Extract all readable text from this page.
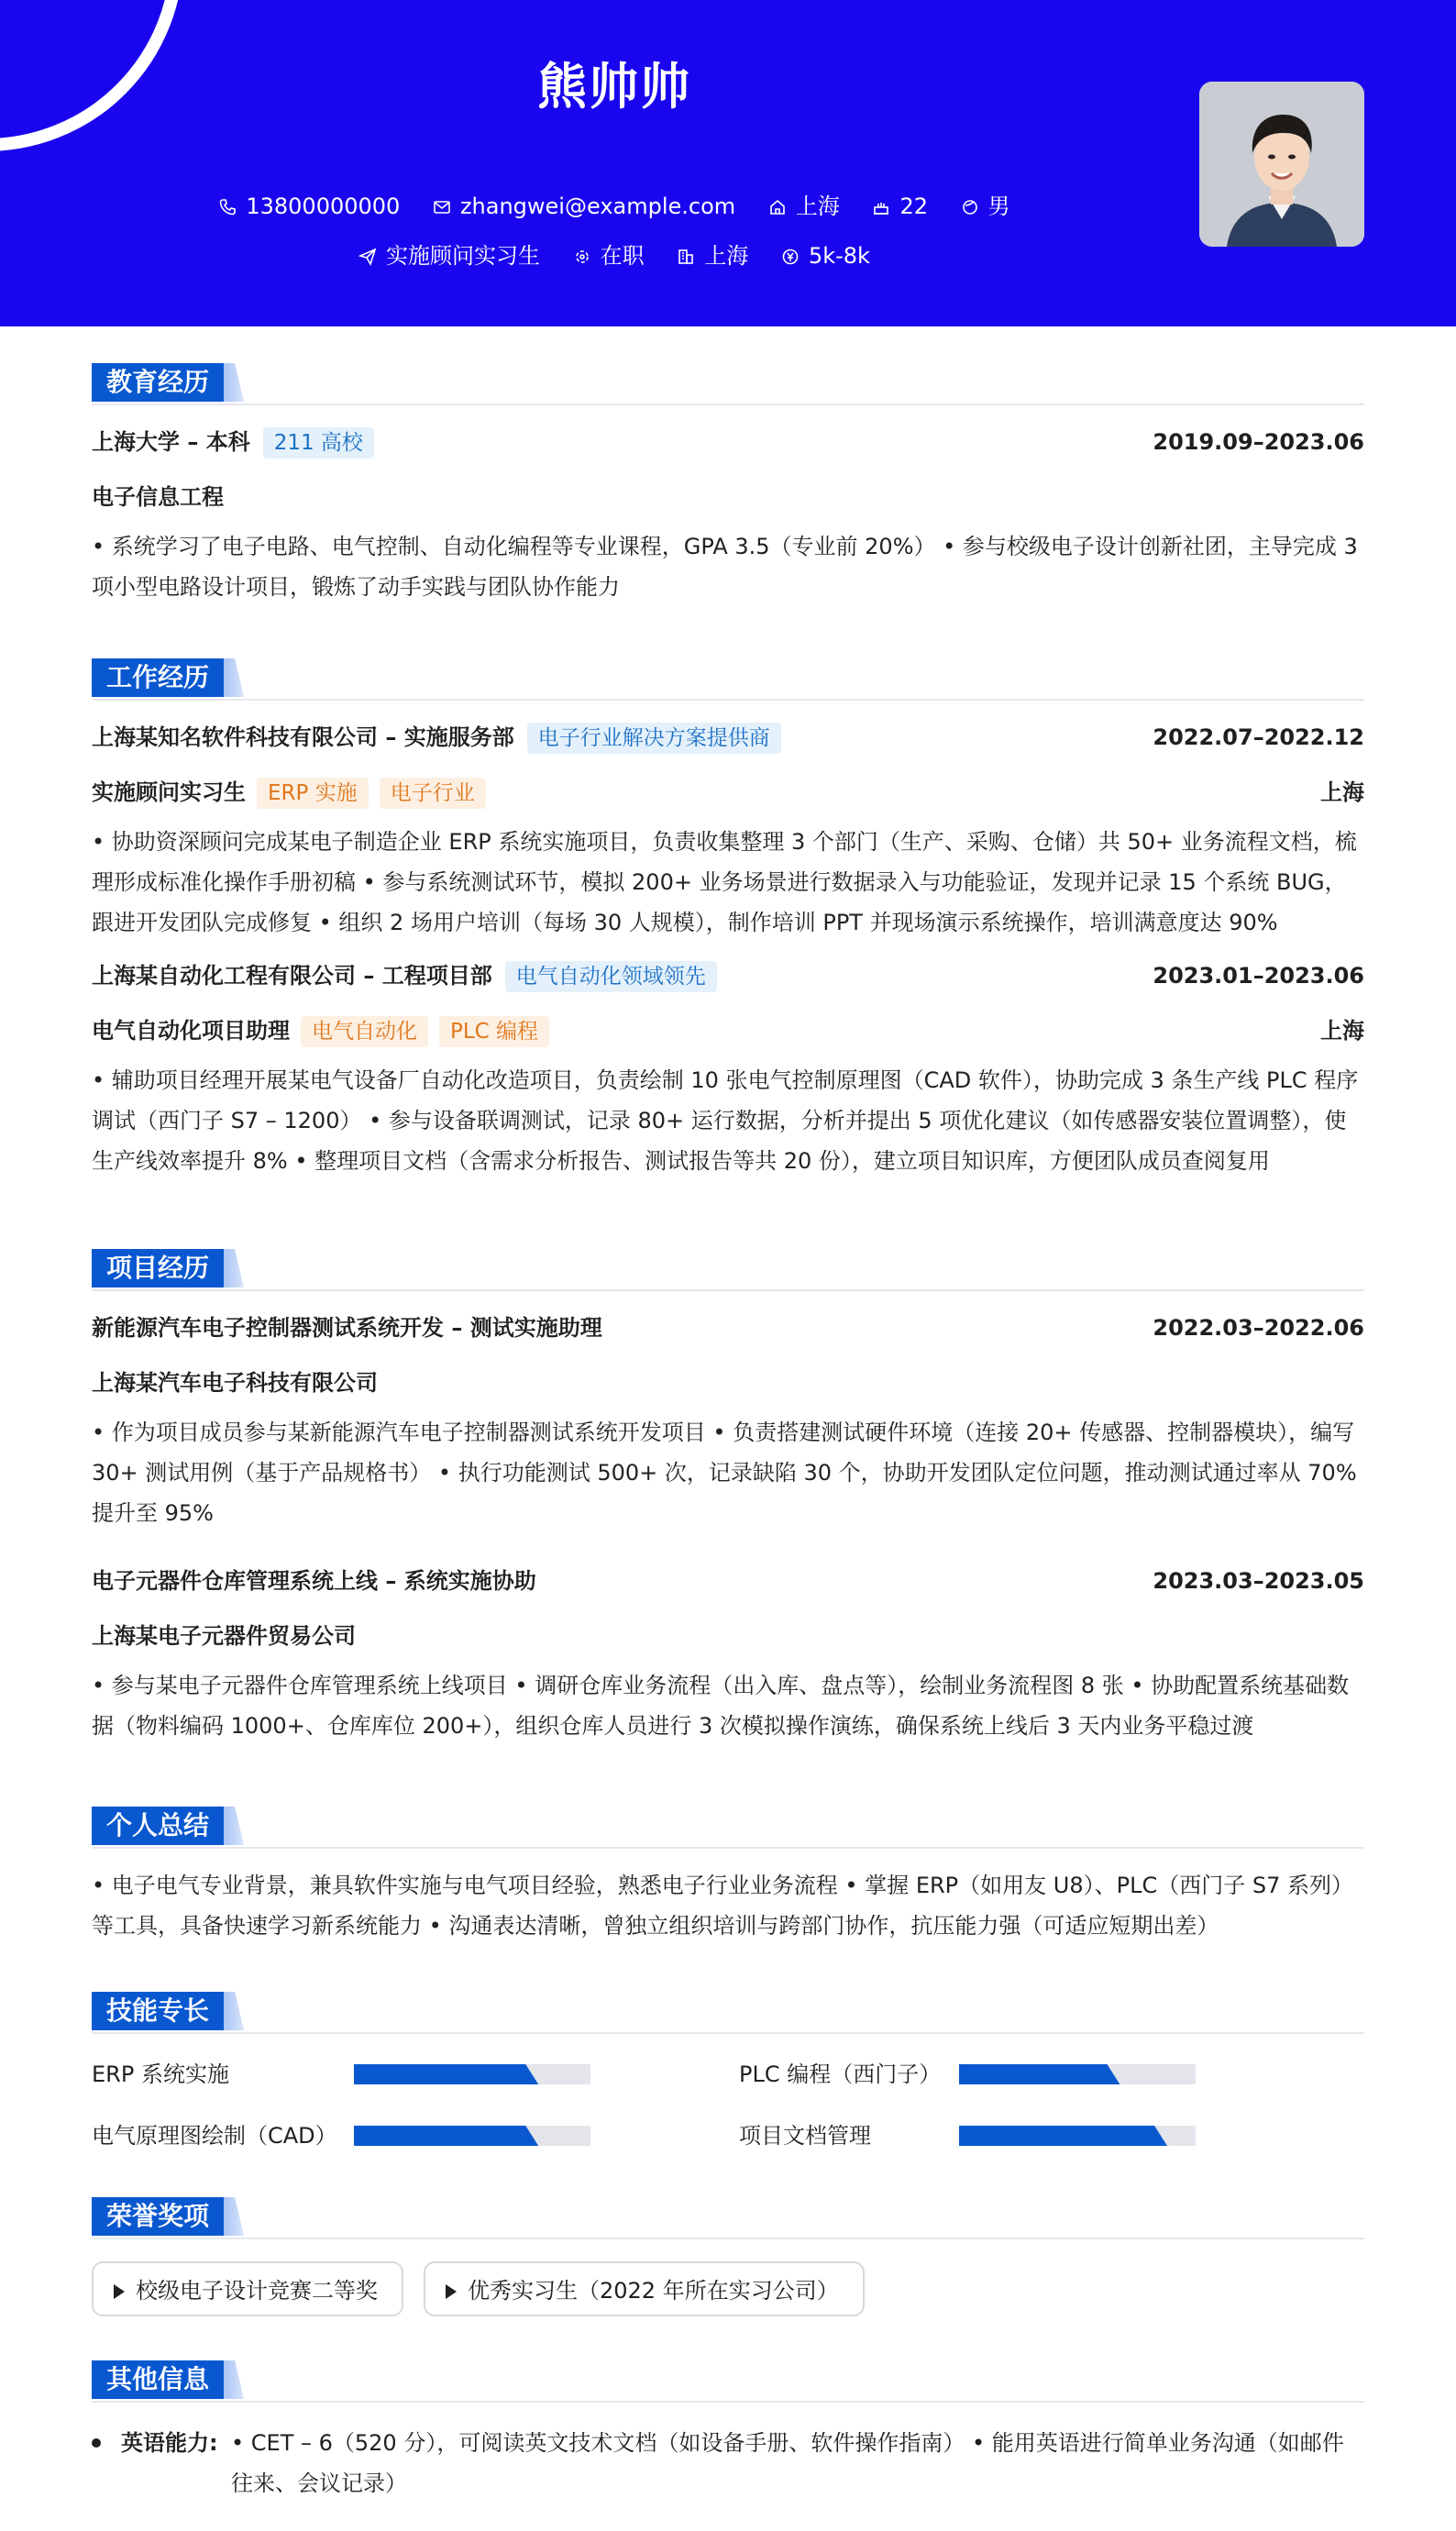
熊帅帅
13800000000	zhangwei@example.com	上海	22	男
实施顾问实习生	在职	上海	5k-8k
教育经历
上海大学 – 本科 211 高校	2019.09–2023.06
电子信息工程

• 系统学习了电子电路、电气控制、自动化编程等专业课程，GPA 3.5（专业前 20%） • 参与校级电子设计创新社团，主导完成 3 项小型电路设计项目，锻炼了动手实践与团队协作能力

工作经历
上海某知名软件科技有限公司 – 实施服务部 电子行业解决方案提供商	2022.07–2022.12
实施顾问实习生 ERP 实施 电子行业	上海

• 协助资深顾问完成某电子制造企业 ERP 系统实施项目，负责收集整理 3 个部门（生产、采购、仓储）共 50+ 业务流程文档，梳理形成标准化操作手册初稿 • 参与系统测试环节，模拟 200+ 业务场景进行数据录入与功能验证，发现并记录 15 个系统 BUG，跟进开发团队完成修复 • 组织 2 场用户培训（每场 30 人规模），制作培训 PPT 并现场演示系统操作，培训满意度达 90%

上海某自动化工程有限公司 – 工程项目部 电气自动化领域领先	2023.01–2023.06
电气自动化项目助理 电气自动化 PLC 编程	上海

• 辅助项目经理开展某电气设备厂自动化改造项目，负责绘制 10 张电气控制原理图（CAD 软件），协助完成 3 条生产线 PLC 程序调试（西门子 S7 – 1200） • 参与设备联调测试，记录 80+ 运行数据，分析并提出 5 项优化建议（如传感器安装位置调整），使生产线效率提升 8% • 整理项目文档（含需求分析报告、测试报告等共 20 份），建立项目知识库，方便团队成员查阅复用

项目经历
新能源汽车电子控制器测试系统开发 – 测试实施助理	2022.03–2022.06
上海某汽车电子科技有限公司

• 作为项目成员参与某新能源汽车电子控制器测试系统开发项目 • 负责搭建测试硬件环境（连接 20+ 传感器、控制器模块），编写 30+ 测试用例（基于产品规格书） • 执行功能测试 500+ 次，记录缺陷 30 个，协助开发团队定位问题，推动测试通过率从 70% 提升至 95%

电子元器件仓库管理系统上线 – 系统实施协助	2023.03–2023.05
上海某电子元器件贸易公司

• 参与某电子元器件仓库管理系统上线项目 • 调研仓库业务流程（出入库、盘点等），绘制业务流程图 8 张 • 协助配置系统基础数据（物料编码 1000+、仓库库位 200+），组织仓库人员进行 3 次模拟操作演练，确保系统上线后 3 天内业务平稳过渡

个人总结

• 电子电气专业背景，兼具软件实施与电气项目经验，熟悉电子行业业务流程 • 掌握 ERP（如用友 U8）、PLC（西门子 S7 系列）等工具，具备快速学习新系统能力 • 沟通表达清晰，曾独立组织培训与跨部门协作，抗压能力强（可适应短期出差）

技能专长
ERP 系统实施	PLC 编程（西门子）
电气原理图绘制（CAD）	项目文档管理
荣誉奖项
校级电子设计竞赛二等奖	优秀实习生（2022 年所在实习公司）
其他信息
英语能力: • CET – 6（520 分），可阅读英文技术文档（如设备手册、软件操作指南） • 能用英语进行简单业务沟通（如邮件往来、会议记录）
